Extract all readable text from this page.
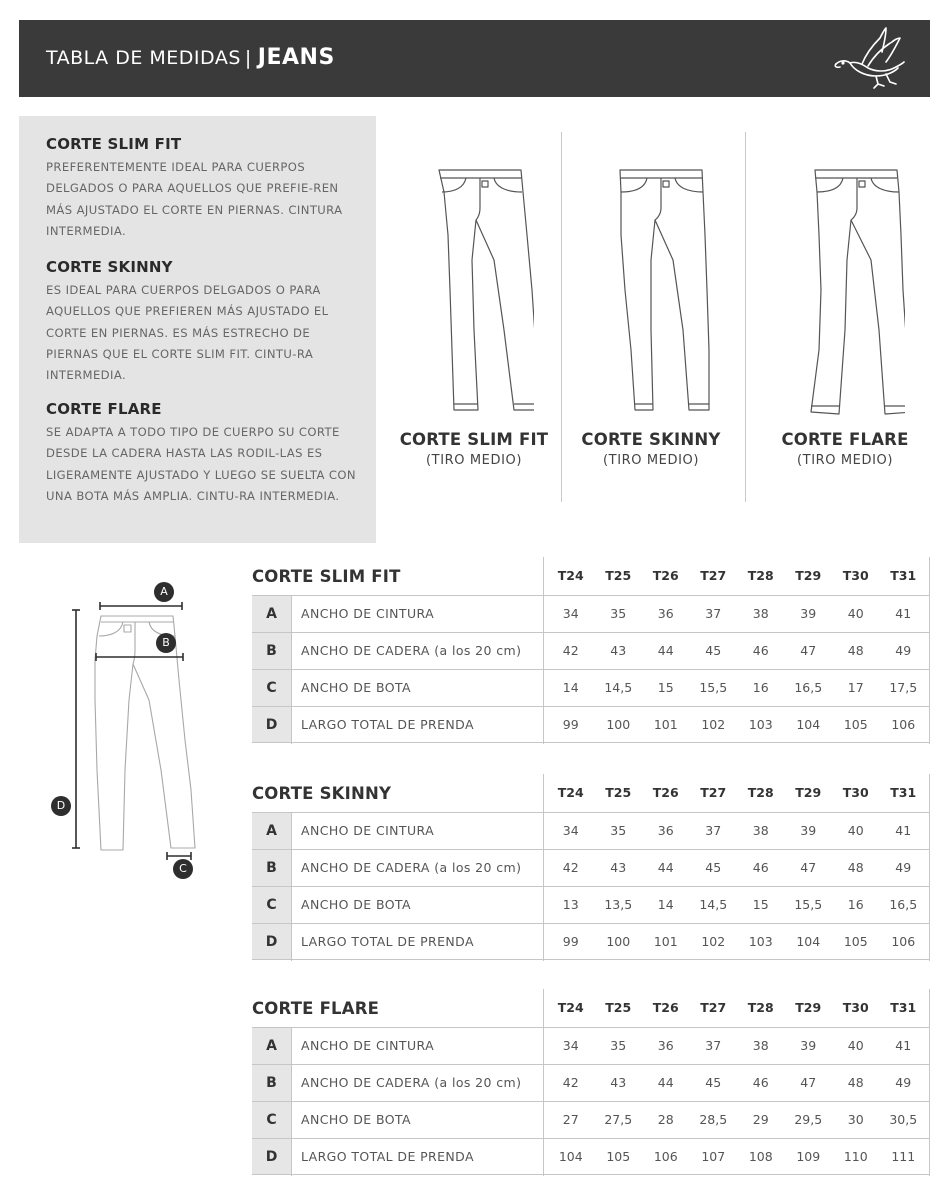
TABLA DE MEDIDAS | JEANS
CORTE SLIM FIT

PREFERENTEMENTE IDEAL PARA CUERPOS DELGADOS O PARA AQUELLOS QUE PREFIE-REN MÁS AJUSTADO EL CORTE EN PIERNAS. CINTURA INTERMEDIA.

CORTE SKINNY

ES IDEAL PARA CUERPOS DELGADOS O PARA AQUELLOS QUE PREFIEREN MÁS AJUSTADO EL CORTE EN PIERNAS. ES MÁS ESTRECHO DE PIERNAS QUE EL CORTE SLIM FIT. CINTU-RA INTERMEDIA.

CORTE FLARE

SE ADAPTA A TODO TIPO DE CUERPO SU CORTE DESDE LA CADERA HASTA LAS RODIL-LAS ES LIGERAMENTE AJUSTADO Y LUEGO SE SUELTA CON UNA BOTA MÁS AMPLIA. CINTU-RA INTERMEDIA.

CORTE SLIM FIT
(TIRO MEDIO)
CORTE SKINNY
(TIRO MEDIO)
CORTE FLARE
(TIRO MEDIO)
A
B
C
D
CORTE SLIM FIT	T24	T25	T26	T27	T28	T29	T30	T31
A	ANCHO DE CINTURA	34	35	36	37	38	39	40	41
B	ANCHO DE CADERA (a los 20 cm)	42	43	44	45	46	47	48	49
C	ANCHO DE BOTA	14	14,5	15	15,5	16	16,5	17	17,5
D	LARGO TOTAL DE PRENDA	99	100	101	102	103	104	105	106
CORTE SKINNY	T24	T25	T26	T27	T28	T29	T30	T31
A	ANCHO DE CINTURA	34	35	36	37	38	39	40	41
B	ANCHO DE CADERA (a los 20 cm)	42	43	44	45	46	47	48	49
C	ANCHO DE BOTA	13	13,5	14	14,5	15	15,5	16	16,5
D	LARGO TOTAL DE PRENDA	99	100	101	102	103	104	105	106
CORTE FLARE	T24	T25	T26	T27	T28	T29	T30	T31
A	ANCHO DE CINTURA	34	35	36	37	38	39	40	41
B	ANCHO DE CADERA (a los 20 cm)	42	43	44	45	46	47	48	49
C	ANCHO DE BOTA	27	27,5	28	28,5	29	29,5	30	30,5
D	LARGO TOTAL DE PRENDA	104	105	106	107	108	109	110	111
